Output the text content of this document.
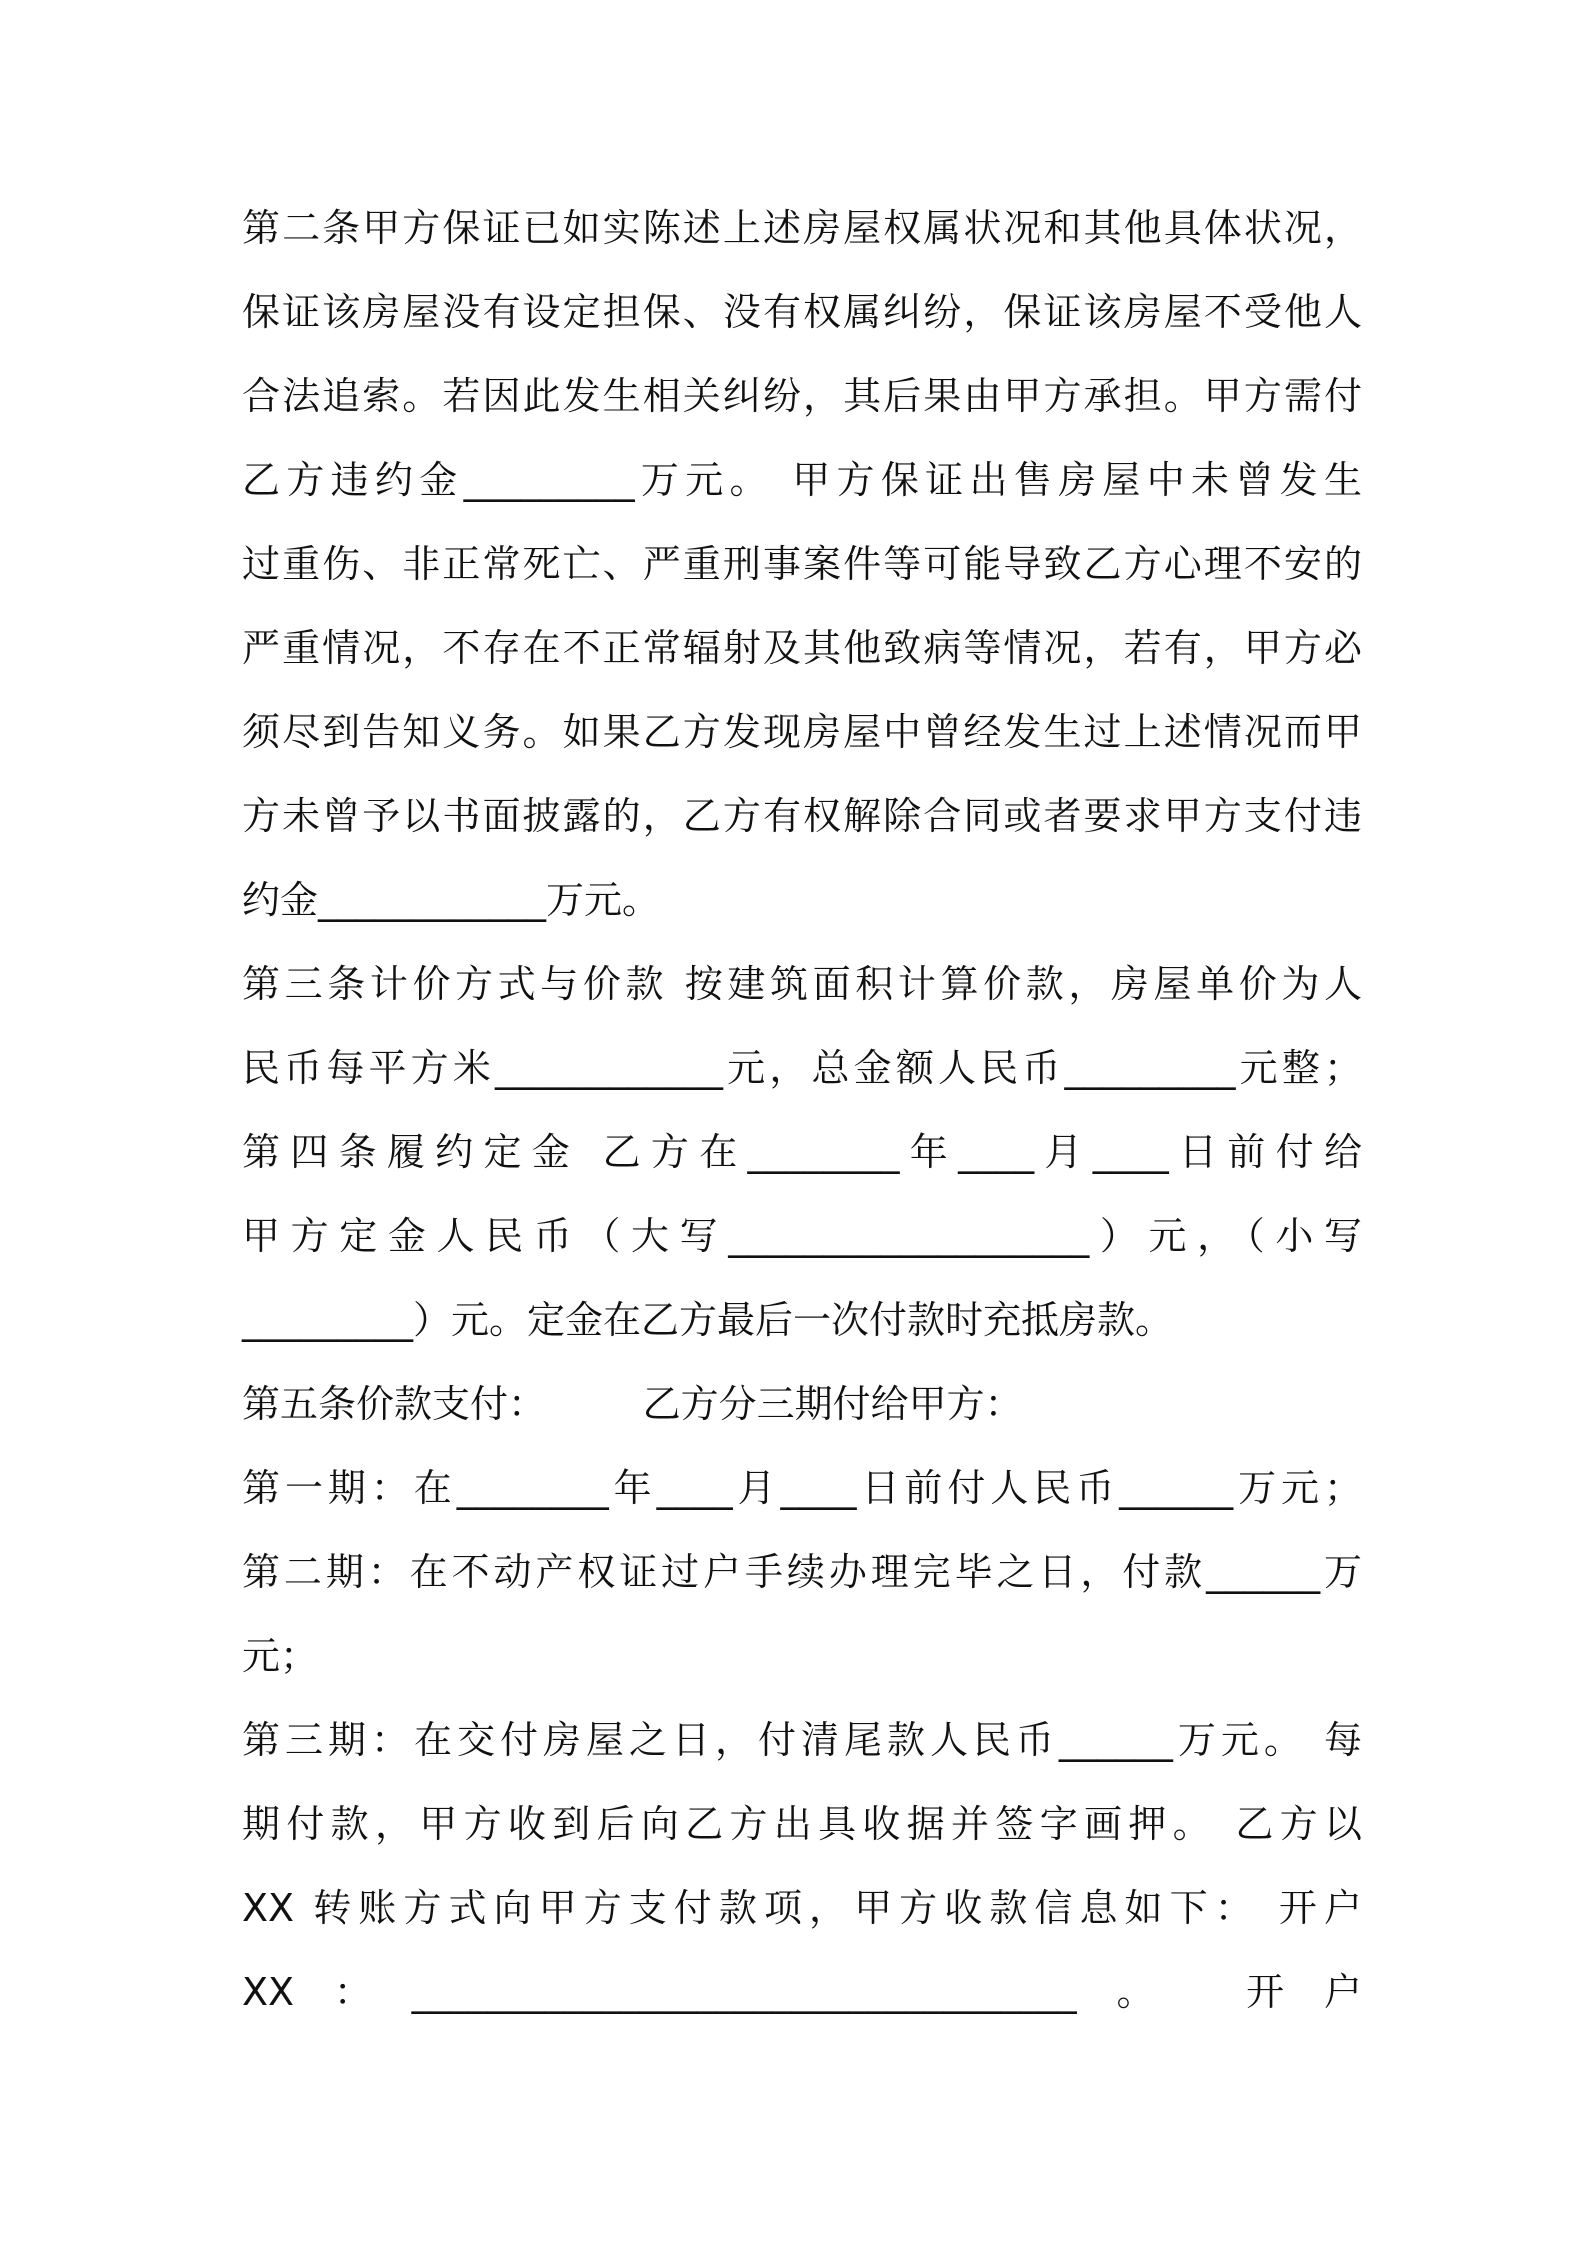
第二条甲方保证已如实陈述上述房屋权属状况和其他具体状况，
保证该房屋没有设定担保、没有权属纠纷，保证该房屋不受他人
合法追索。若因此发生相关纠纷，其后果由甲方承担。甲方需付
乙方违约金_________万元。 甲方保证出售房屋中未曾发生
过重伤、非正常死亡、严重刑事案件等可能导致乙方心理不安的
严重情况，不存在不正常辐射及其他致病等情况，若有，甲方必
须尽到告知义务。如果乙方发现房屋中曾经发生过上述情况而甲
方未曾予以书面披露的，乙方有权解除合同或者要求甲方支付违
约金____________万元。
第三条计价方式与价款 按建筑面积计算价款，房屋单价为人
民币每平方米____________元，总金额人民币_________元整；
第四条履约定金 乙方在________年____月____日前付给
甲方定金人民币（大写___________________）元，（小写
_________）元。定金在乙方最后一次付款时充抵房款。
第五条价款支付：        乙方分三期付给甲方：
第一期：在________年____月____日前付人民币______万元；
第二期：在不动产权证过户手续办理完毕之日，付款______万
元；
第三期：在交付房屋之日，付清尾款人民币______万元。 每
期付款，甲方收到后向乙方出具收据并签字画押。 乙方以
XX 转账方式向甲方支付款项，甲方收款信息如下： 开户
XX：___________________________________。 开户
